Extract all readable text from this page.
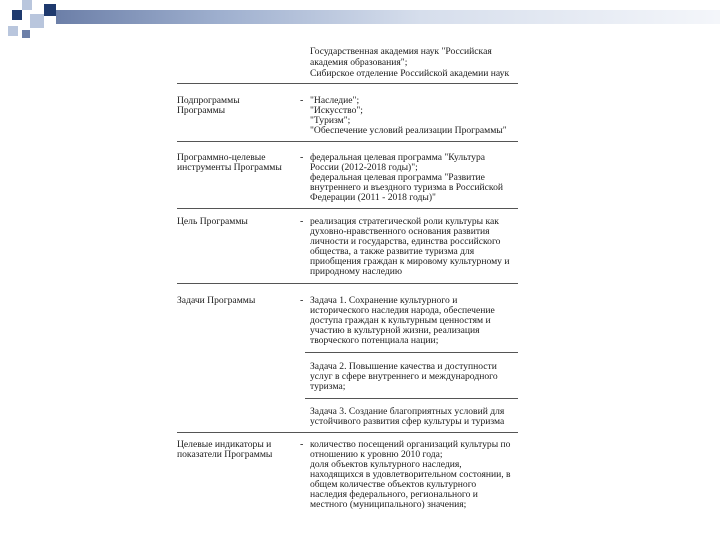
Государственная академия наук "Российская
академия образования";
Сибирское отделение Российской академии наук
Подпрограммы
Программы
- "Наследие";
"Искусство";
"Туризм";
"Обеспечение условий реализации Программы"
Программно-целевые
инструменты Программы
- федеральная целевая программа "Культура
России (2012-2018 годы)";
федеральная целевая программа "Развитие
внутреннего и въездного туризма в Российской
Федерации (2011 - 2018 годы)"
Цель Программы	- реализация стратегической роли культуры как
духовно-нравственного основания развития
личности и государства, единства российского
общества, а также развитие туризма для
приобщения граждан к мировому культурному и
природному наследию
Задачи Программы	- Задача 1. Сохранение культурного и
исторического наследия народа, обеспечение
доступа граждан к культурным ценностям и
участию в культурной жизни, реализация
творческого потенциала нации;
Задача 2. Повышение качества и доступности
услуг в сфере внутреннего и международного
туризма;
Задача 3. Создание благоприятных условий для
устойчивого развития сфер культуры и туризма
Целевые индикаторы и
показатели Программы
- количество посещений организаций культуры по
отношению к уровню 2010 года;
доля объектов культурного наследия,
находящихся в удовлетворительном состоянии, в
общем количестве объектов культурного
наследия федерального, регионального и
местного (муниципального) значения;
